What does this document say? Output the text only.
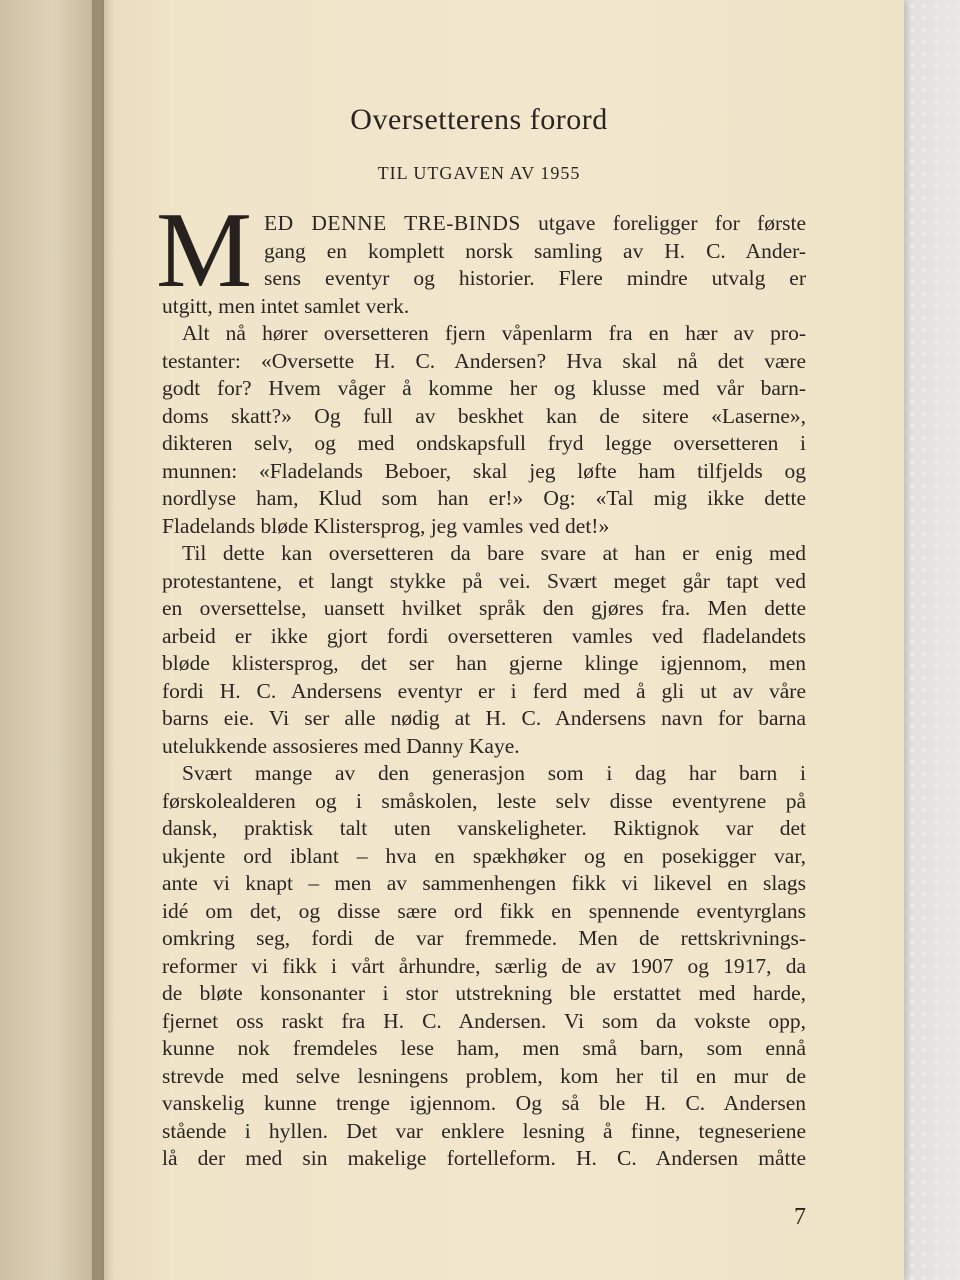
Oversetterens forord
TIL UTGAVEN AV 1955
M ED DENNE TRE-BINDS utgave foreligger for første
gang en komplett norsk samling av H. C. Ander-
sens eventyr og historier. Flere mindre utvalg er
utgitt, men intet samlet verk.
Alt nå hører oversetteren fjern våpenlarm fra en hær av pro-
testanter: «Oversette H. C. Andersen? Hva skal nå det være
godt for? Hvem våger å komme her og klusse med vår barn-
doms skatt?» Og full av beskhet kan de sitere «Laserne»,
dikteren selv, og med ondskapsfull fryd legge oversetteren i
munnen: «Fladelands Beboer, skal jeg løfte ham tilfjelds og
nordlyse ham, Klud som han er!» Og: «Tal mig ikke dette
Fladelands bløde Klistersprog, jeg vamles ved det!»
Til dette kan oversetteren da bare svare at han er enig med
protestantene, et langt stykke på vei. Svært meget går tapt ved
en oversettelse, uansett hvilket språk den gjøres fra. Men dette
arbeid er ikke gjort fordi oversetteren vamles ved fladelandets
bløde klistersprog, det ser han gjerne klinge igjennom, men
fordi H. C. Andersens eventyr er i ferd med å gli ut av våre
barns eie. Vi ser alle nødig at H. C. Andersens navn for barna
utelukkende assosieres med Danny Kaye.
Svært mange av den generasjon som i dag har barn i
førskolealderen og i småskolen, leste selv disse eventyrene på
dansk, praktisk talt uten vanskeligheter. Riktignok var det
ukjente ord iblant – hva en spækhøker og en posekigger var,
ante vi knapt – men av sammenhengen fikk vi likevel en slags
idé om det, og disse sære ord fikk en spennende eventyrglans
omkring seg, fordi de var fremmede. Men de rettskrivnings-
reformer vi fikk i vårt århundre, særlig de av 1907 og 1917, da
de bløte konsonanter i stor utstrekning ble erstattet med harde,
fjernet oss raskt fra H. C. Andersen. Vi som da vokste opp,
kunne nok fremdeles lese ham, men små barn, som ennå
strevde med selve lesningens problem, kom her til en mur de
vanskelig kunne trenge igjennom. Og så ble H. C. Andersen
stående i hyllen. Det var enklere lesning å finne, tegneseriene
lå der med sin makelige fortelleform. H. C. Andersen måtte
7
